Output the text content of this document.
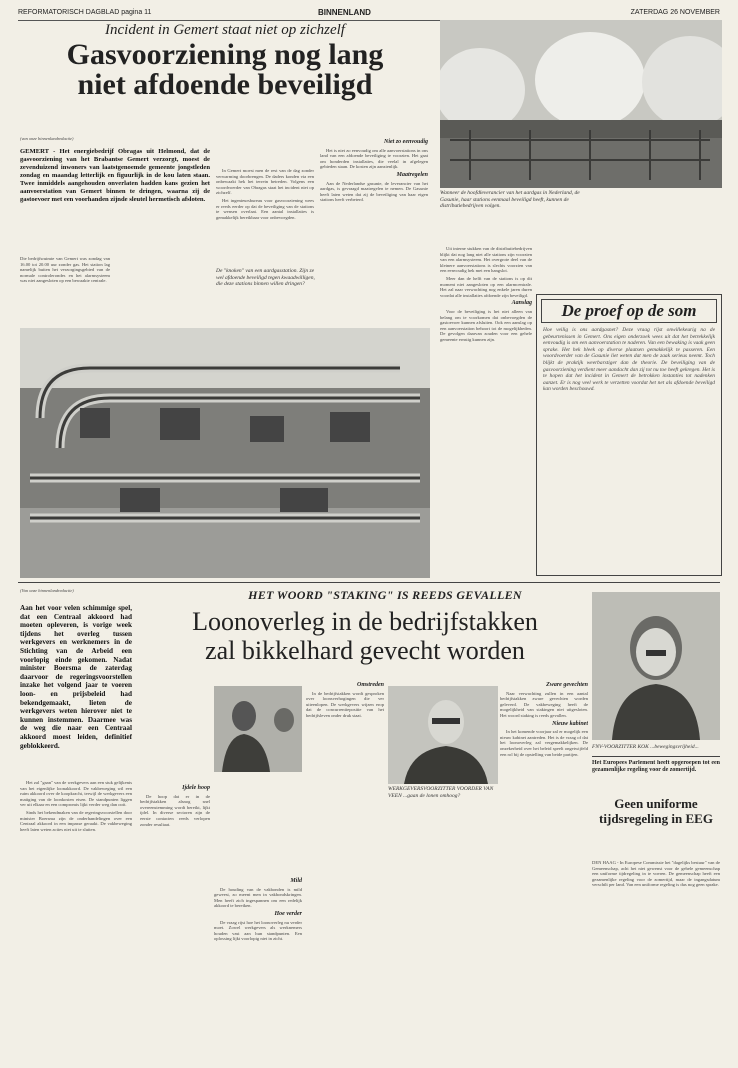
REFORMATORISCH DAGBLAD pagina 11	BINNENLAND	ZATERDAG 26 NOVEMBER
Incident in Gemert staat niet op zichzelf
Gasvoorziening nog lang
niet afdoende beveiligd
Wanneer de hoofdleverancier van het aardgas in Nederland, de Gasunie, haar stations eenmaal beveiligd heeft, kunnen de distributiebedrijven volgen.
(van onze binnenlandredactie)
GEMERT - Het energiebedrijf Obragas uit Helmond, dat de gasvoorziening van het Brabantse Gemert verzorgt, moest de zevenduizend inwoners van laatstgenoemde gemeente jongstleden zondag en maandag letterlijk en figuurlijk in de kou laten staan. Twee inmiddels aangehouden onverlaten hadden kans gezien het aanvoerstation van Gemert binnen te dringen, waarna zij de gastoevoer met een voorhanden zijnde sleutel hermetisch afsloten.
Die bedrijfsruimte van Gemert was zondag van 16.00 tot 20.00 uur zonder gas. Het station lag namelijk buiten het verzorgingsgebied van de normale controlerondes en het alarmsysteem was niet aangesloten op een bewaakte centrale.

In Gemert moest men de rest van de dag zonder verwarming doorbrengen. De daders konden via een onbewaakt hek het terrein betreden. Volgens een woordvoerder van Obragas staat het incident niet op zichzelf.

Het ingenieursbureau voor gasvoorziening wees er reeds eerder op dat de beveiliging van de stations te wensen overlaat. Een aantal installaties is gemakkelijk bereikbaar voor onbevoegden.

Niet zo eenvoudig

Het is niet zo eenvoudig om alle aanvoerstations in ons land van een afdoende beveiliging te voorzien. Het gaat om honderden installaties, die veelal in afgelegen gebieden staan. De kosten zijn aanzienlijk.

Maatregelen

Aan de Nederlandse gasunie, de leverancier van het aardgas, is gevraagd maatregelen te nemen. De Gasunie heeft laten weten dat zij de beveiliging van haar eigen stations heeft verbeterd.

De "knoken" van een aardgasstation. Zijn ze wel afdoende beveiligd tegen kwaadwilligen, die deze stations binnen willen dringen?

Uit interne stukken van de distributiebedrijven blijkt dat nog lang niet alle stations zijn voorzien van een alarmsysteem. Het overgrote deel van de kleinere aanvoerstations is slechts voorzien van een eenvoudig hek met een hangslot.

Meer dan de helft van de stations is op dit moment niet aangesloten op een alarmcentrale. Het zal naar verwachting nog enkele jaren duren voordat alle installaties afdoende zijn beveiligd.

Aanslag

Voor de beveiliging is het niet alleen van belang om te voorkomen dat onbevoegden de gastoevoer kunnen afsluiten. Ook een aanslag op een aanvoerstation behoort tot de mogelijkheden. De gevolgen daarvan zouden voor een gehele gemeente ernstig kunnen zijn.

De proef op de som
Hoe veilig is ons aardgasnet? Deze vraag rijst onwillekeurig na de gebeurtenissen in Gemert. Ons eigen onderzoek wees uit dat het betrekkelijk eenvoudig is om een aanvoerstation te naderen. Van een bewaking is vaak geen sprake. Het hek bleek op diverse plaatsen gemakkelijk te passeren. Een woordvoerder van de Gasunie liet weten dat men de zaak serieus neemt. Toch blijkt de praktijk weerbarstiger dan de theorie. De beveiliging van de gasvoorziening verdient meer aandacht dan zij tot nu toe heeft gekregen. Het is te hopen dat het incident in Gemert de betrokken instanties tot nadenken aanzet. Er is nog veel werk te verzetten voordat het net als afdoende beveiligd kan worden beschouwd.
(Van onze binnenlandredactie)	HET WOORD "STAKING" IS REEDS GEVALLEN
Loonoverleg in de bedrijfstakken
zal bikkelhard gevecht worden
FNV-VOORZITTER KOK ...bewegingsvrijheid...
Aan het voor velen schimmige spel, dat een Centraal akkoord had moeten opleveren, is vorige week tijdens het overleg tussen werkgevers en werknemers in de Stichting van de Arbeid een voorlopig einde gekomen. Nadat minister Boersma de zaterdag daarvoor de regeringsvoorstellen inzake het volgend jaar te voeren loon- en prijsbeleid had bekendgemaakt, lieten de werkgevers weten hierover niet te kunnen instemmen. Daarmee was de weg die naar een Centraal akkoord moest leiden, definitief geblokkeerd.

Het zal "gaan" van de werkgevers aan een stuk gelijkenis van het eigenlijke loonakkoord. De vakbeweging wil een ruim akkoord over de koopkracht, terwijl de werkgevers een matiging van de loonkosten eisen. De standpunten liggen ver uit elkaar en een compromis lijkt verder weg dan ooit.

Sinds het bekendmaken van de regeringsvoorstellen door minister Boersma zijn de onderhandelingen over een Centraal akkoord in een impasse geraakt. De vakbeweging heeft laten weten acties niet uit te sluiten.

Ijdele hoop

De hoop dat er in de bedrijfstakken alsnog snel overeenstemming wordt bereikt, lijkt ijdel. In diverse sectoren zijn de eerste contacten reeds verlopen zonder resultaat.

Mild

De houding van de vakbonden is mild geweest, zo meent men in vakbondskringen. Men heeft zich ingespannen om een redelijk akkoord te bereiken.

Hoe verder

De vraag rijst hoe het loonoverleg nu verder moet. Zowel werkgevers als werknemers houden vast aan hun standpunten. Een oplossing lijkt voorlopig niet in zicht.

WERKGEVERSVOORZITTER VOORDER VAN VEEN ...gaan de lonen omhoog?
Omstreden

In de bedrijfstakken wordt gesproken over loonsverhogingen die ver uiteenlopen. De werkgevers wijzen erop dat de concurrentiepositie van het bedrijfsleven onder druk staat.

Zware gevechten

Naar verwachting zullen in een aantal bedrijfstakken zware gevechten worden geleverd. De vakbeweging heeft de mogelijkheid van stakingen niet uitgesloten. Het woord staking is reeds gevallen.

Nieuw kabinet

In het komende voorjaar zal er mogelijk een nieuw kabinet aantreden. Het is de vraag of dat het loonoverleg zal vergemakkelijken. De onzekerheid over het beleid speelt ongetwijfeld een rol bij de opstelling van beide partijen.

Het Europees Parlement heeft opgeroepen tot een gezamenlijke regeling voor de zomertijd.
Geen uniforme tijdsregeling in EEG
DEN HAAG - In Europese Commissie het "dagelijks bestuur" van de Gemeenschap, acht het niet gewenst voor de gehele gemeenschap een uniforme tijdregeling in te voeren. De gemeenschap heeft een gezamenlijke regeling voor de zomertijd, maar de ingangsdatum verschilt per land. Van een uniforme regeling is dus nog geen sprake.
